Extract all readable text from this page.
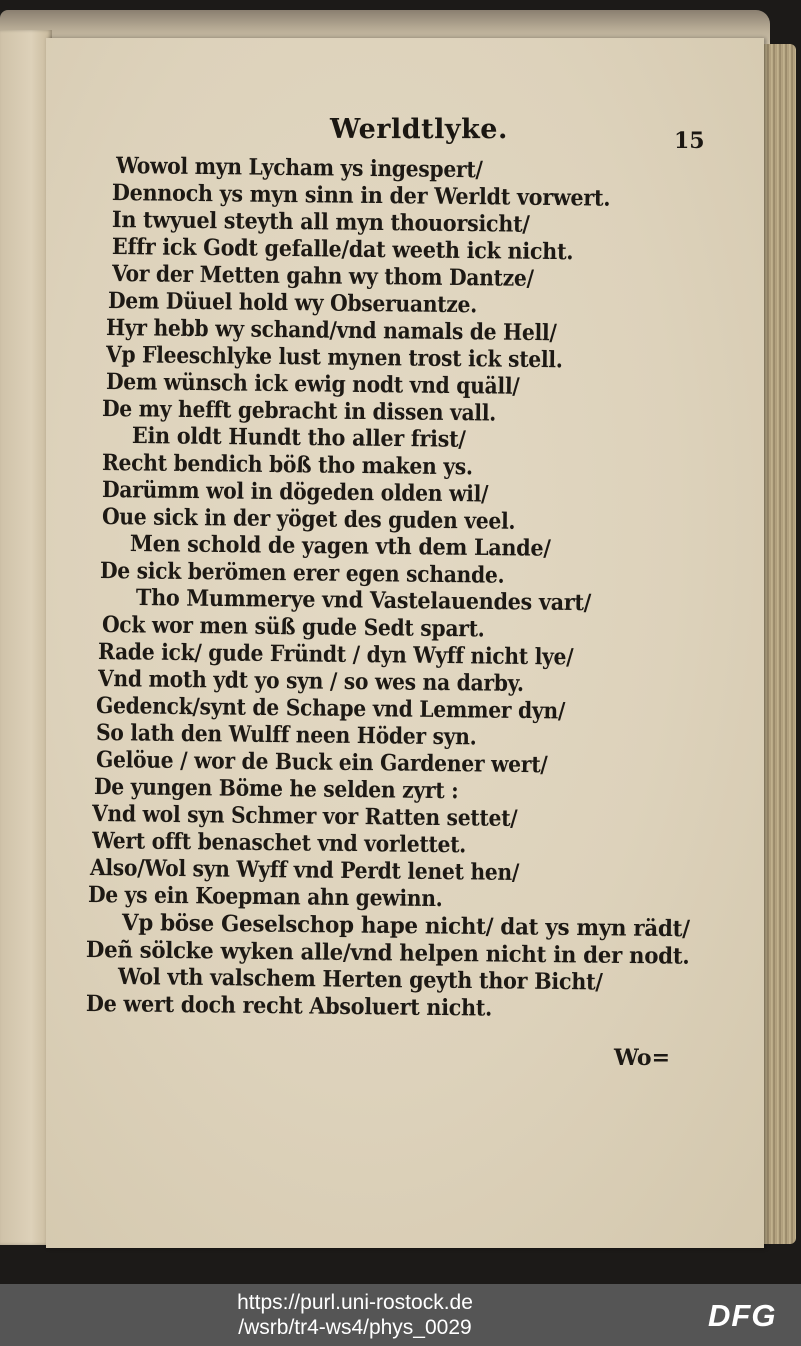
Werldtlyke.	15
Wowol myn Lycham ys ingespert/
Dennoch ys myn sinn in der Werldt vorwert.
In twyuel steyth all myn thouorsicht/
Effr ick Godt gefalle/dat weeth ick nicht.
Vor der Metten gahn wy thom Dantze/
Dem Düuel hold wy Obseruantze.
Hyr hebb wy schand/vnd namals de Hell/
Vp Fleeschlyke lust mynen trost ick stell.
Dem wünsch ick ewig nodt vnd quäll/
De my hefft gebracht in dissen vall.
Ein oldt Hundt tho aller frist/
Recht bendich böß tho maken ys.
Darümm wol in dögeden olden wil/
Oue sick in der yöget des guden veel.
Men schold de yagen vth dem Lande/
De sick berömen erer egen schande.
Tho Mummerye vnd Vastelauendes vart/
Ock wor men süß gude Sedt spart.
Rade ick/ gude Fründt / dyn Wyff nicht lye/
Vnd moth ydt yo syn / so wes na darby.
Gedenck/synt de Schape vnd Lemmer dyn/
So lath den Wulff neen Höder syn.
Gelöue / wor de Buck ein Gardener wert/
De yungen Böme he selden zyrt :
Vnd wol syn Schmer vor Ratten settet/
Wert offt benaschet vnd vorlettet.
Also/Wol syn Wyff vnd Perdt lenet hen/
De ys ein Koepman ahn gewinn.
Vp böse Geselschop hape nicht/ dat ys myn rädt/
Deñ sölcke wyken alle/vnd helpen nicht in der nodt.
Wol vth valschem Herten geyth thor Bicht/
De wert doch recht Absoluert nicht.
Wo=
https://purl.uni-rostock.de
/wsrb/tr4-ws4/phys_0029	DFG
